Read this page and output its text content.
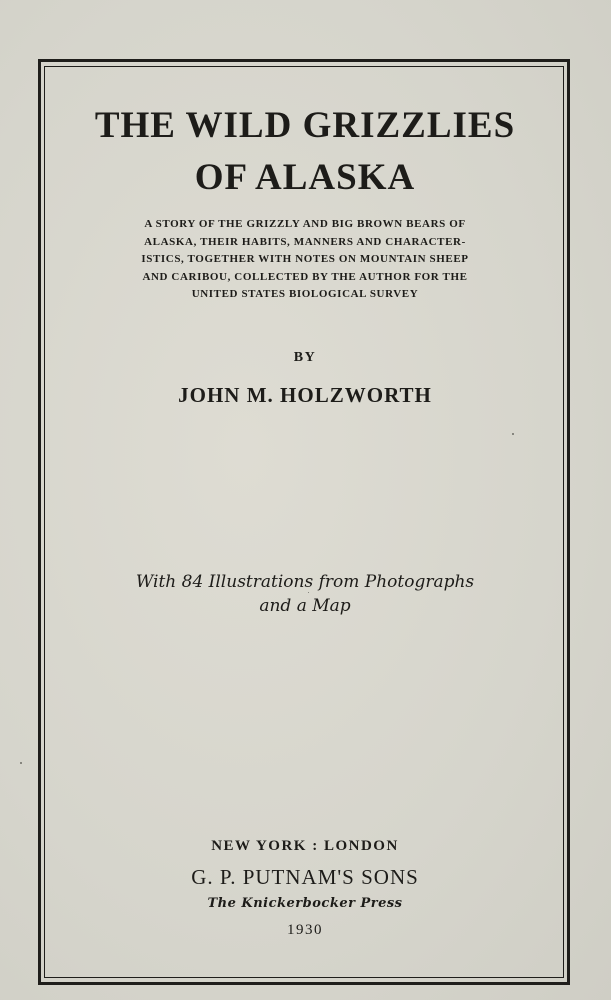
THE WILD GRIZZLIES
OF ALASKA
A STORY OF THE GRIZZLY AND BIG BROWN BEARS OF
ALASKA, THEIR HABITS, MANNERS AND CHARACTER-
ISTICS, TOGETHER WITH NOTES ON MOUNTAIN SHEEP
AND CARIBOU, COLLECTED BY THE AUTHOR FOR THE
UNITED STATES BIOLOGICAL SURVEY
BY
JOHN M. HOLZWORTH
With 84 Illustrations from Photographs
and a Map
NEW YORK : LONDON
G. P. PUTNAM'S SONS
The Knickerbocker Press
1930
